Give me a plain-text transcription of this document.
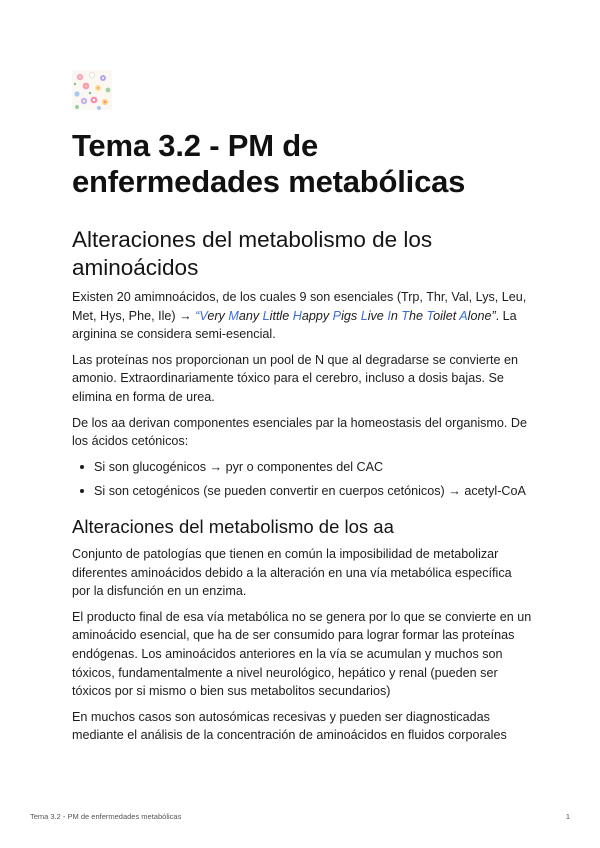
Tema 3.2 - PM de enfermedades metabólicas
Alteraciones del metabolismo de los aminoácidos

Existen 20 amimnoácidos, de los cuales 9 son esenciales (Trp, Thr, Val, Lys, Leu, Met, Hys, Phe, Ile) → “Very Many Little Happy Pigs Live In The Toilet Alone”. La arginina se considera semi-esencial.

Las proteínas nos proporcionan un pool de N que al degradarse se convierte en amonio. Extraordinariamente tóxico para el cerebro, incluso a dosis bajas. Se elimina en forma de urea.

De los aa derivan componentes esenciales par la homeostasis del organismo. De los ácidos cetónicos:

Si son glucogénicos → pyr o componentes del CAC
Si son cetogénicos (se pueden convertir en cuerpos cetónicos) → acetyl-CoA
Alteraciones del metabolismo de los aa

Conjunto de patologías que tienen en común la imposibilidad de metabolizar diferentes aminoácidos debido a la alteración en una vía metabólica específica por la disfunción en un enzima.

El producto final de esa vía metabólica no se genera por lo que se convierte en un aminoácido esencial, que ha de ser consumido para lograr formar las proteínas endógenas. Los aminoácidos anteriores en la vía se acumulan y muchos son tóxicos, fundamentalmente a nivel neurológico, hepático y renal (pueden ser tóxicos por si mismo o bien sus metabolitos secundarios)

En muchos casos son autosómicas recesivas y pueden ser diagnosticadas mediante el análisis de la concentración de aminoácidos en fluidos corporales

Tema 3.2 - PM de enfermedades metabólicas	1
